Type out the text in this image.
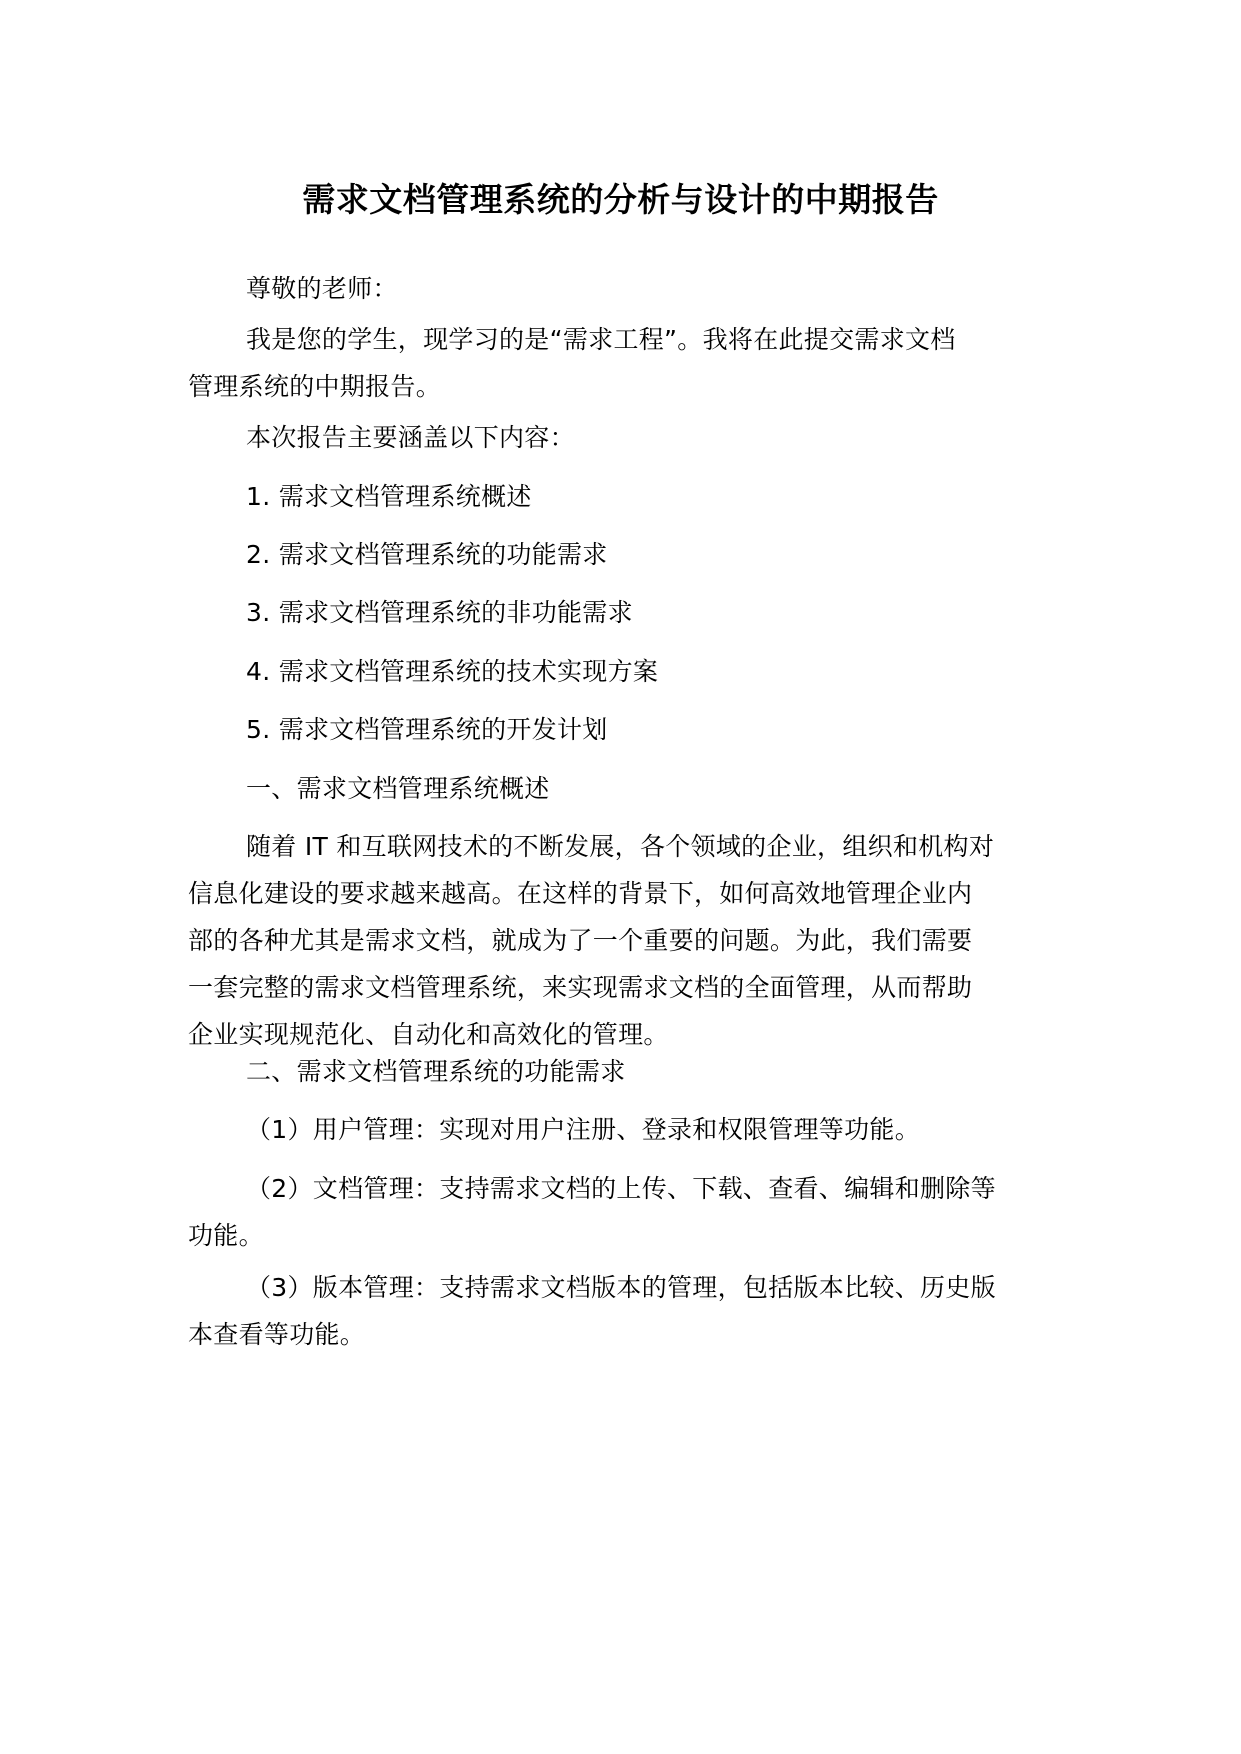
需求文档管理系统的分析与设计的中期报告
尊敬的老师：
我是您的学生，现学习的是“需求工程”。我将在此提交需求文档
管理系统的中期报告。
本次报告主要涵盖以下内容：
1. 需求文档管理系统概述
2. 需求文档管理系统的功能需求
3. 需求文档管理系统的非功能需求
4. 需求文档管理系统的技术实现方案
5. 需求文档管理系统的开发计划
一、需求文档管理系统概述
随着 IT 和互联网技术的不断发展，各个领域的企业，组织和机构对
信息化建设的要求越来越高。在这样的背景下，如何高效地管理企业内
部的各种尤其是需求文档，就成为了一个重要的问题。为此，我们需要
一套完整的需求文档管理系统，来实现需求文档的全面管理，从而帮助
企业实现规范化、自动化和高效化的管理。
二、需求文档管理系统的功能需求
（1）用户管理：实现对用户注册、登录和权限管理等功能。
（2）文档管理：支持需求文档的上传、下载、查看、编辑和删除等
功能。
（3）版本管理：支持需求文档版本的管理，包括版本比较、历史版
本查看等功能。
